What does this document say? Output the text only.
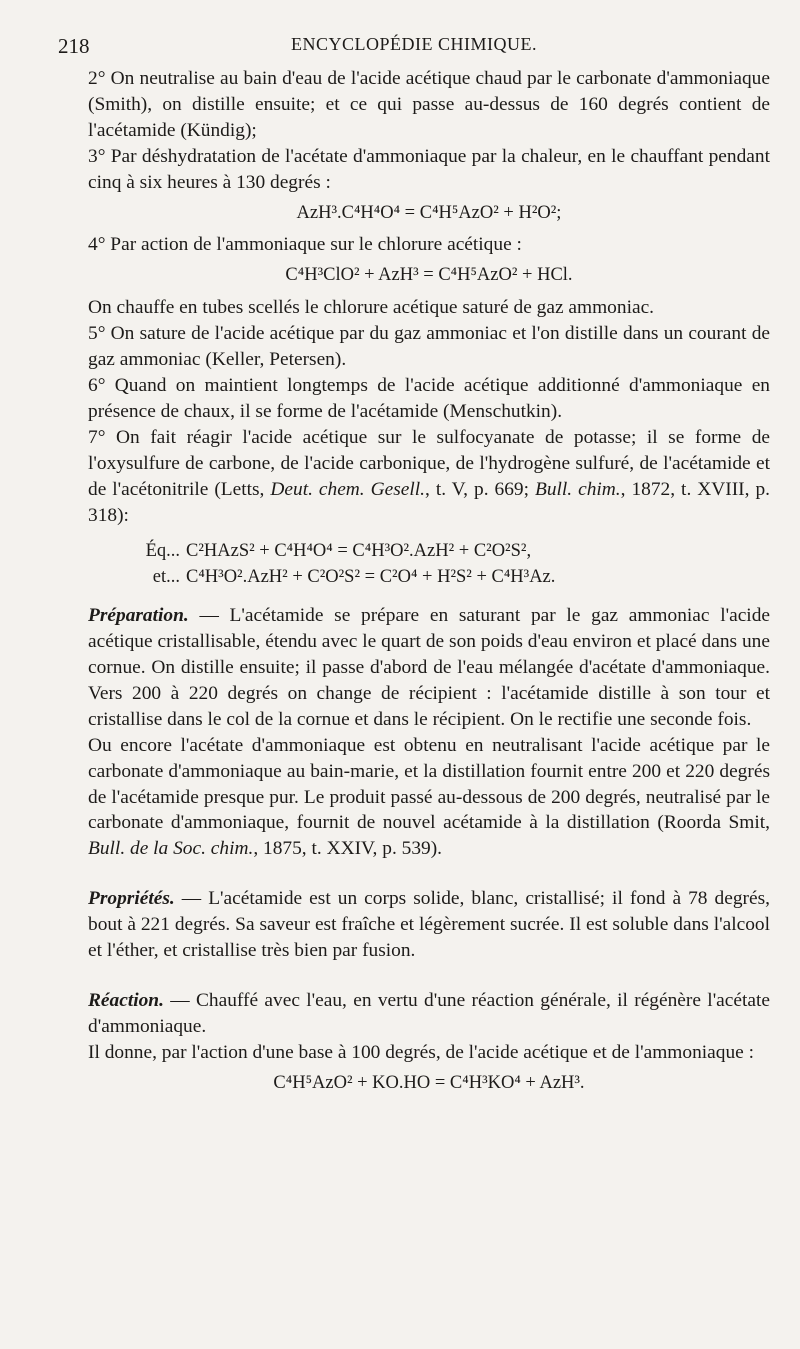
218	ENCYCLOPÉDIE CHIMIQUE.

2° On neutralise au bain d'eau de l'acide acétique chaud par le carbonate d'ammoniaque (Smith), on distille ensuite; et ce qui passe au-dessus de 160 degrés contient de l'acétamide (Kündig);

3° Par déshydratation de l'acétate d'ammoniaque par la chaleur, en le chauffant pendant cinq à six heures à 130 degrés :

AzH³.C⁴H⁴O⁴ = C⁴H⁵AzO² + H²O²;

4° Par action de l'ammoniaque sur le chlorure acétique :

C⁴H³ClO² + AzH³ = C⁴H⁵AzO² + HCl.

On chauffe en tubes scellés le chlorure acétique saturé de gaz ammoniac.

5° On sature de l'acide acétique par du gaz ammoniac et l'on distille dans un courant de gaz ammoniac (Keller, Petersen).

6° Quand on maintient longtemps de l'acide acétique additionné d'ammoniaque en présence de chaux, il se forme de l'acétamide (Menschutkin).

7° On fait réagir l'acide acétique sur le sulfocyanate de potasse; il se forme de l'oxysulfure de carbone, de l'acide carbonique, de l'hydrogène sulfuré, de l'acétamide et de l'acétonitrile (Letts, Deut. chem. Gesell., t. V, p. 669; Bull. chim., 1872, t. XVIII, p. 318):

Éq... C²HAzS² + C⁴H⁴O⁴ = C⁴H³O².AzH² + C²O²S²,
et... C⁴H³O².AzH² + C²O²S² = C²O⁴ + H²S² + C⁴H³Az.

Préparation. — L'acétamide se prépare en saturant par le gaz ammoniac l'acide acétique cristallisable, étendu avec le quart de son poids d'eau environ et placé dans une cornue. On distille ensuite; il passe d'abord de l'eau mélangée d'acétate d'ammoniaque. Vers 200 à 220 degrés on change de récipient : l'acétamide distille à son tour et cristallise dans le col de la cornue et dans le récipient. On le rectifie une seconde fois.

Ou encore l'acétate d'ammoniaque est obtenu en neutralisant l'acide acétique par le carbonate d'ammoniaque au bain-marie, et la distillation fournit entre 200 et 220 degrés de l'acétamide presque pur. Le produit passé au-dessous de 200 degrés, neutralisé par le carbonate d'ammoniaque, fournit de nouvel acétamide à la distillation (Roorda Smit, Bull. de la Soc. chim., 1875, t. XXIV, p. 539).

Propriétés. — L'acétamide est un corps solide, blanc, cristallisé; il fond à 78 degrés, bout à 221 degrés. Sa saveur est fraîche et légèrement sucrée. Il est soluble dans l'alcool et l'éther, et cristallise très bien par fusion.

Réaction. — Chauffé avec l'eau, en vertu d'une réaction générale, il régénère l'acétate d'ammoniaque.

Il donne, par l'action d'une base à 100 degrés, de l'acide acétique et de l'ammoniaque :

C⁴H⁵AzO² + KO.HO = C⁴H³KO⁴ + AzH³.
